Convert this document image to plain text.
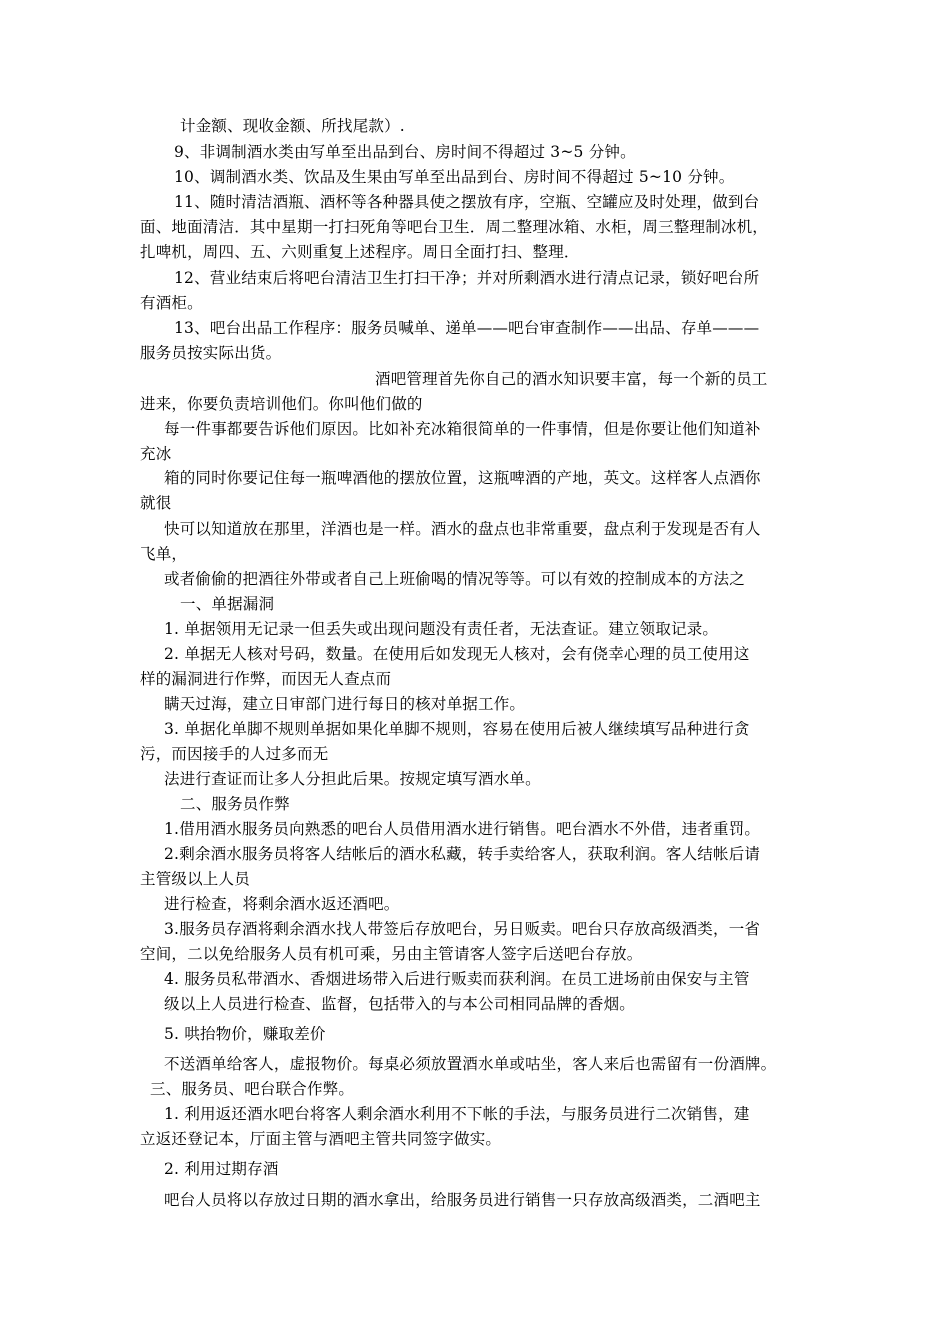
计金额、现收金额、所找尾款）.
9、非调制酒水类由写单至出品到台、房时间不得超过 3~5 分钟。
10、调制酒水类、饮品及生果由写单至出品到台、房时间不得超过 5~10 分钟。
11、随时清洁酒瓶、酒杯等各种器具使之摆放有序，空瓶、空罐应及时处理，做到台
面、地面清洁．其中星期一打扫死角等吧台卫生．周二整理冰箱、水柜，周三整理制冰机，
扎啤机，周四、五、六则重复上述程序。周日全面打扫、整理．
12、营业结束后将吧台清洁卫生打扫干净；并对所剩酒水进行清点记录，锁好吧台所
有酒柜。
13、吧台出品工作程序：服务员喊单、递单——吧台审查制作——出品、存单———
服务员按实际出货。
酒吧管理首先你自己的酒水知识要丰富，每一个新的员工
进来，你要负责培训他们。你叫他们做的
每一件事都要告诉他们原因。比如补充冰箱很简单的一件事情，但是你要让他们知道补
充冰
箱的同时你要记住每一瓶啤酒他的摆放位置，这瓶啤酒的产地，英文。这样客人点酒你
就很
快可以知道放在那里，洋酒也是一样。酒水的盘点也非常重要，盘点利于发现是否有人
飞单，
或者偷偷的把酒往外带或者自己上班偷喝的情况等等。可以有效的控制成本的方法之
一、单据漏洞
1. 单据领用无记录一但丢失或出现问题没有责任者，无法查证。建立领取记录。
2. 单据无人核对号码，数量。在使用后如发现无人核对，会有侥幸心理的员工使用这
样的漏洞进行作弊，而因无人查点而
瞒天过海，建立日审部门进行每日的核对单据工作。
3. 单据化单脚不规则单据如果化单脚不规则，容易在使用后被人继续填写品种进行贪
污，而因接手的人过多而无
法进行查证而让多人分担此后果。按规定填写酒水单。
二、服务员作弊
1.借用酒水服务员向熟悉的吧台人员借用酒水进行销售。吧台酒水不外借，违者重罚。
2.剩余酒水服务员将客人结帐后的酒水私藏，转手卖给客人，获取利润。客人结帐后请
主管级以上人员
进行检查，将剩余酒水返还酒吧。
3.服务员存酒将剩余酒水找人带签后存放吧台，另日贩卖。吧台只存放高级酒类，一省
空间，二以免给服务人员有机可乘，另由主管请客人签字后送吧台存放。
4. 服务员私带酒水、香烟进场带入后进行贩卖而获利润。在员工进场前由保安与主管
级以上人员进行检查、监督，包括带入的与本公司相同品牌的香烟。
5. 哄抬物价，赚取差价
不送酒单给客人，虚报物价。每桌必须放置酒水单或咕坐，客人来后也需留有一份酒牌。
三、服务员、吧台联合作弊。
1. 利用返还酒水吧台将客人剩余酒水利用不下帐的手法，与服务员进行二次销售，建
立返还登记本，厅面主管与酒吧主管共同签字做实。
2. 利用过期存酒
吧台人员将以存放过日期的酒水拿出，给服务员进行销售一只存放高级酒类，二酒吧主
